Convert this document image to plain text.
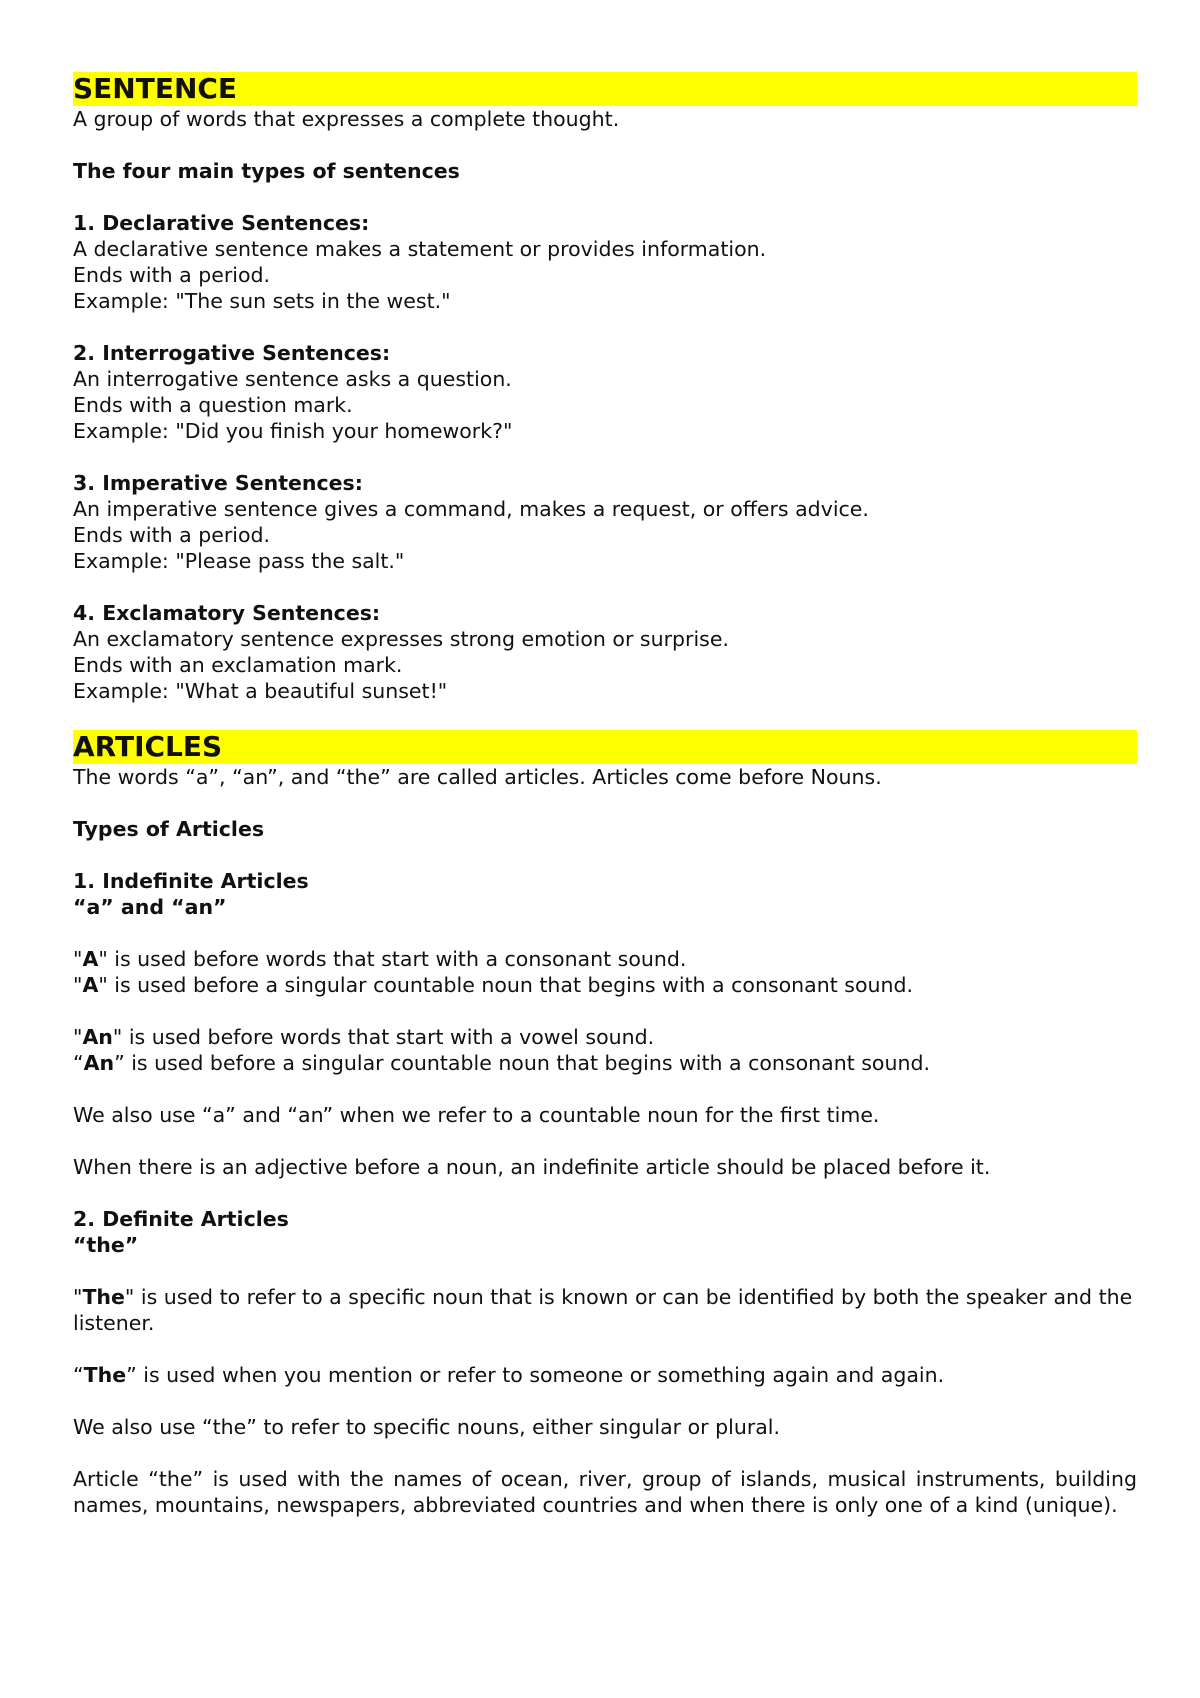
SENTENCE

A group of words that expresses a complete thought.

The four main types of sentences

1. Declarative Sentences:

A declarative sentence makes a statement or provides information.

Ends with a period.

Example: "The sun sets in the west."

2. Interrogative Sentences:

An interrogative sentence asks a question.

Ends with a question mark.

Example: "Did you finish your homework?"

3. Imperative Sentences:

An imperative sentence gives a command, makes a request, or offers advice.

Ends with a period.

Example: "Please pass the salt."

4. Exclamatory Sentences:

An exclamatory sentence expresses strong emotion or surprise.

Ends with an exclamation mark.

Example: "What a beautiful sunset!"

ARTICLES

The words “a”, “an”, and “the” are called articles. Articles come before Nouns.

Types of Articles

1. Indefinite Articles

“a” and “an”

"A" is used before words that start with a consonant sound.

"A" is used before a singular countable noun that begins with a consonant sound.

"An" is used before words that start with a vowel sound.

“An” is used before a singular countable noun that begins with a consonant sound.

We also use “a” and “an” when we refer to a countable noun for the first time.

When there is an adjective before a noun, an indefinite article should be placed before it.

2. Definite Articles

“the”

"The" is used to refer to a specific noun that is known or can be identified by both the speaker and the listener.

“The” is used when you mention or refer to someone or something again and again.

We also use “the” to refer to specific nouns, either singular or plural.

Article “the” is used with the names of ocean, river, group of islands, musical instruments, building names, mountains, newspapers, abbreviated countries and when there is only one of a kind (unique).
